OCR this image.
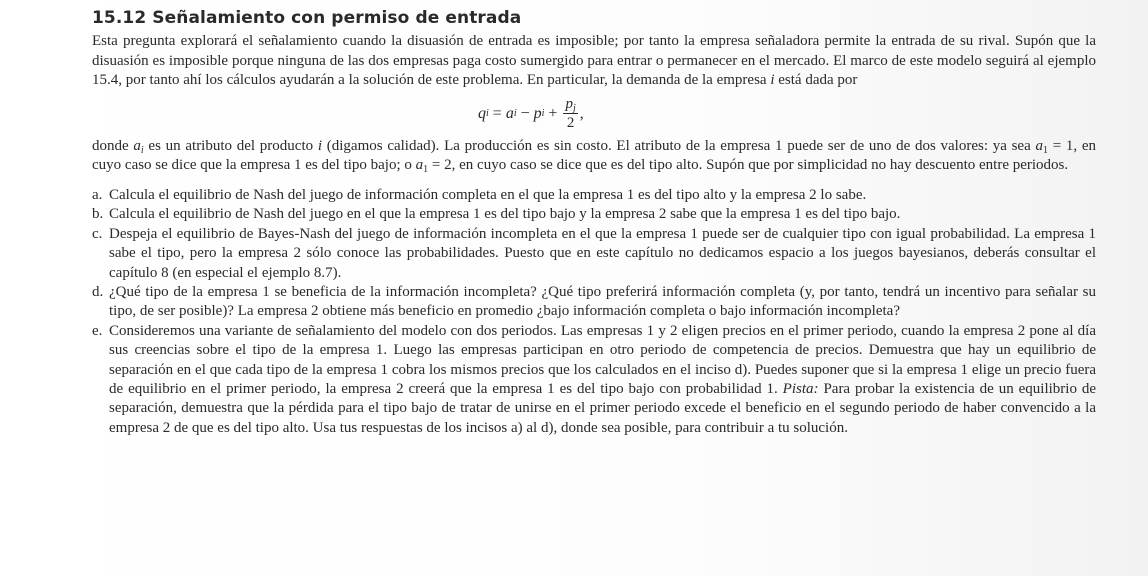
15.12 Señalamiento con permiso de entrada

Esta pregunta explorará el señalamiento cuando la disuasión de entrada es imposible; por tanto la empresa señaladora permite la entrada de su rival. Supón que la disuasión es imposible porque ninguna de las dos empresas paga costo sumergido para entrar o permanecer en el mercado. El marco de este modelo seguirá al ejemplo 15.4, por tanto ahí los cálculos ayudarán a la solución de este problema. En particular, la demanda de la empresa i está dada por

q i = a i − p $i + \frac{p_j}{2}$ ,

donde $a_i$ es un atributo del producto i (digamos calidad). La producción es sin costo. El atributo de la empresa 1 puede ser de uno de dos valores: ya sea $a_1 = 1$, en cuyo caso se dice que la empresa 1 es del tipo bajo; o $a_1 = 2$, en cuyo caso se dice que es del tipo alto. Supón que por simplicidad no hay descuento entre periodos.

a. Calcula el equilibrio de Nash del juego de información completa en el que la empresa 1 es del tipo alto y la empresa 2 lo sabe.
b. Calcula el equilibrio de Nash del juego en el que la empresa 1 es del tipo bajo y la empresa 2 sabe que la empresa 1 es del tipo bajo.
c. Despeja el equilibrio de Bayes-Nash del juego de información incompleta en el que la empresa 1 puede ser de cualquier tipo con igual probabilidad. La empresa 1 sabe el tipo, pero la empresa 2 sólo conoce las probabilidades. Puesto que en este capítulo no dedicamos espacio a los juegos bayesianos, deberás consultar el capítulo 8 (en especial el ejemplo 8.7).
d. ¿Qué tipo de la empresa 1 se beneficia de la información incompleta? ¿Qué tipo preferirá información completa (y, por tanto, tendrá un incentivo para señalar su tipo, de ser posible)? La empresa 2 obtiene más beneficio en promedio ¿bajo información completa o bajo información incompleta?
e. Consideremos una variante de señalamiento del modelo con dos periodos. Las empresas 1 y 2 eligen precios en el primer periodo, cuando la empresa 2 pone al día sus creencias sobre el tipo de la empresa 1. Luego las empresas participan en otro periodo de competencia de precios. Demuestra que hay un equilibrio de separación en el que cada tipo de la empresa 1 cobra los mismos precios que los calculados en el inciso d). Puedes suponer que si la empresa 1 elige un precio fuera de equilibrio en el primer periodo, la empresa 2 creerá que la empresa 1 es del tipo bajo con probabilidad 1. Pista: Para probar la existencia de un equilibrio de separación, demuestra que la pérdida para el tipo bajo de tratar de unirse en el primer periodo excede el beneficio en el segundo periodo de haber convencido a la empresa 2 de que es del tipo alto. Usa tus respuestas de los incisos a) al d), donde sea posible, para contribuir a tu solución.
